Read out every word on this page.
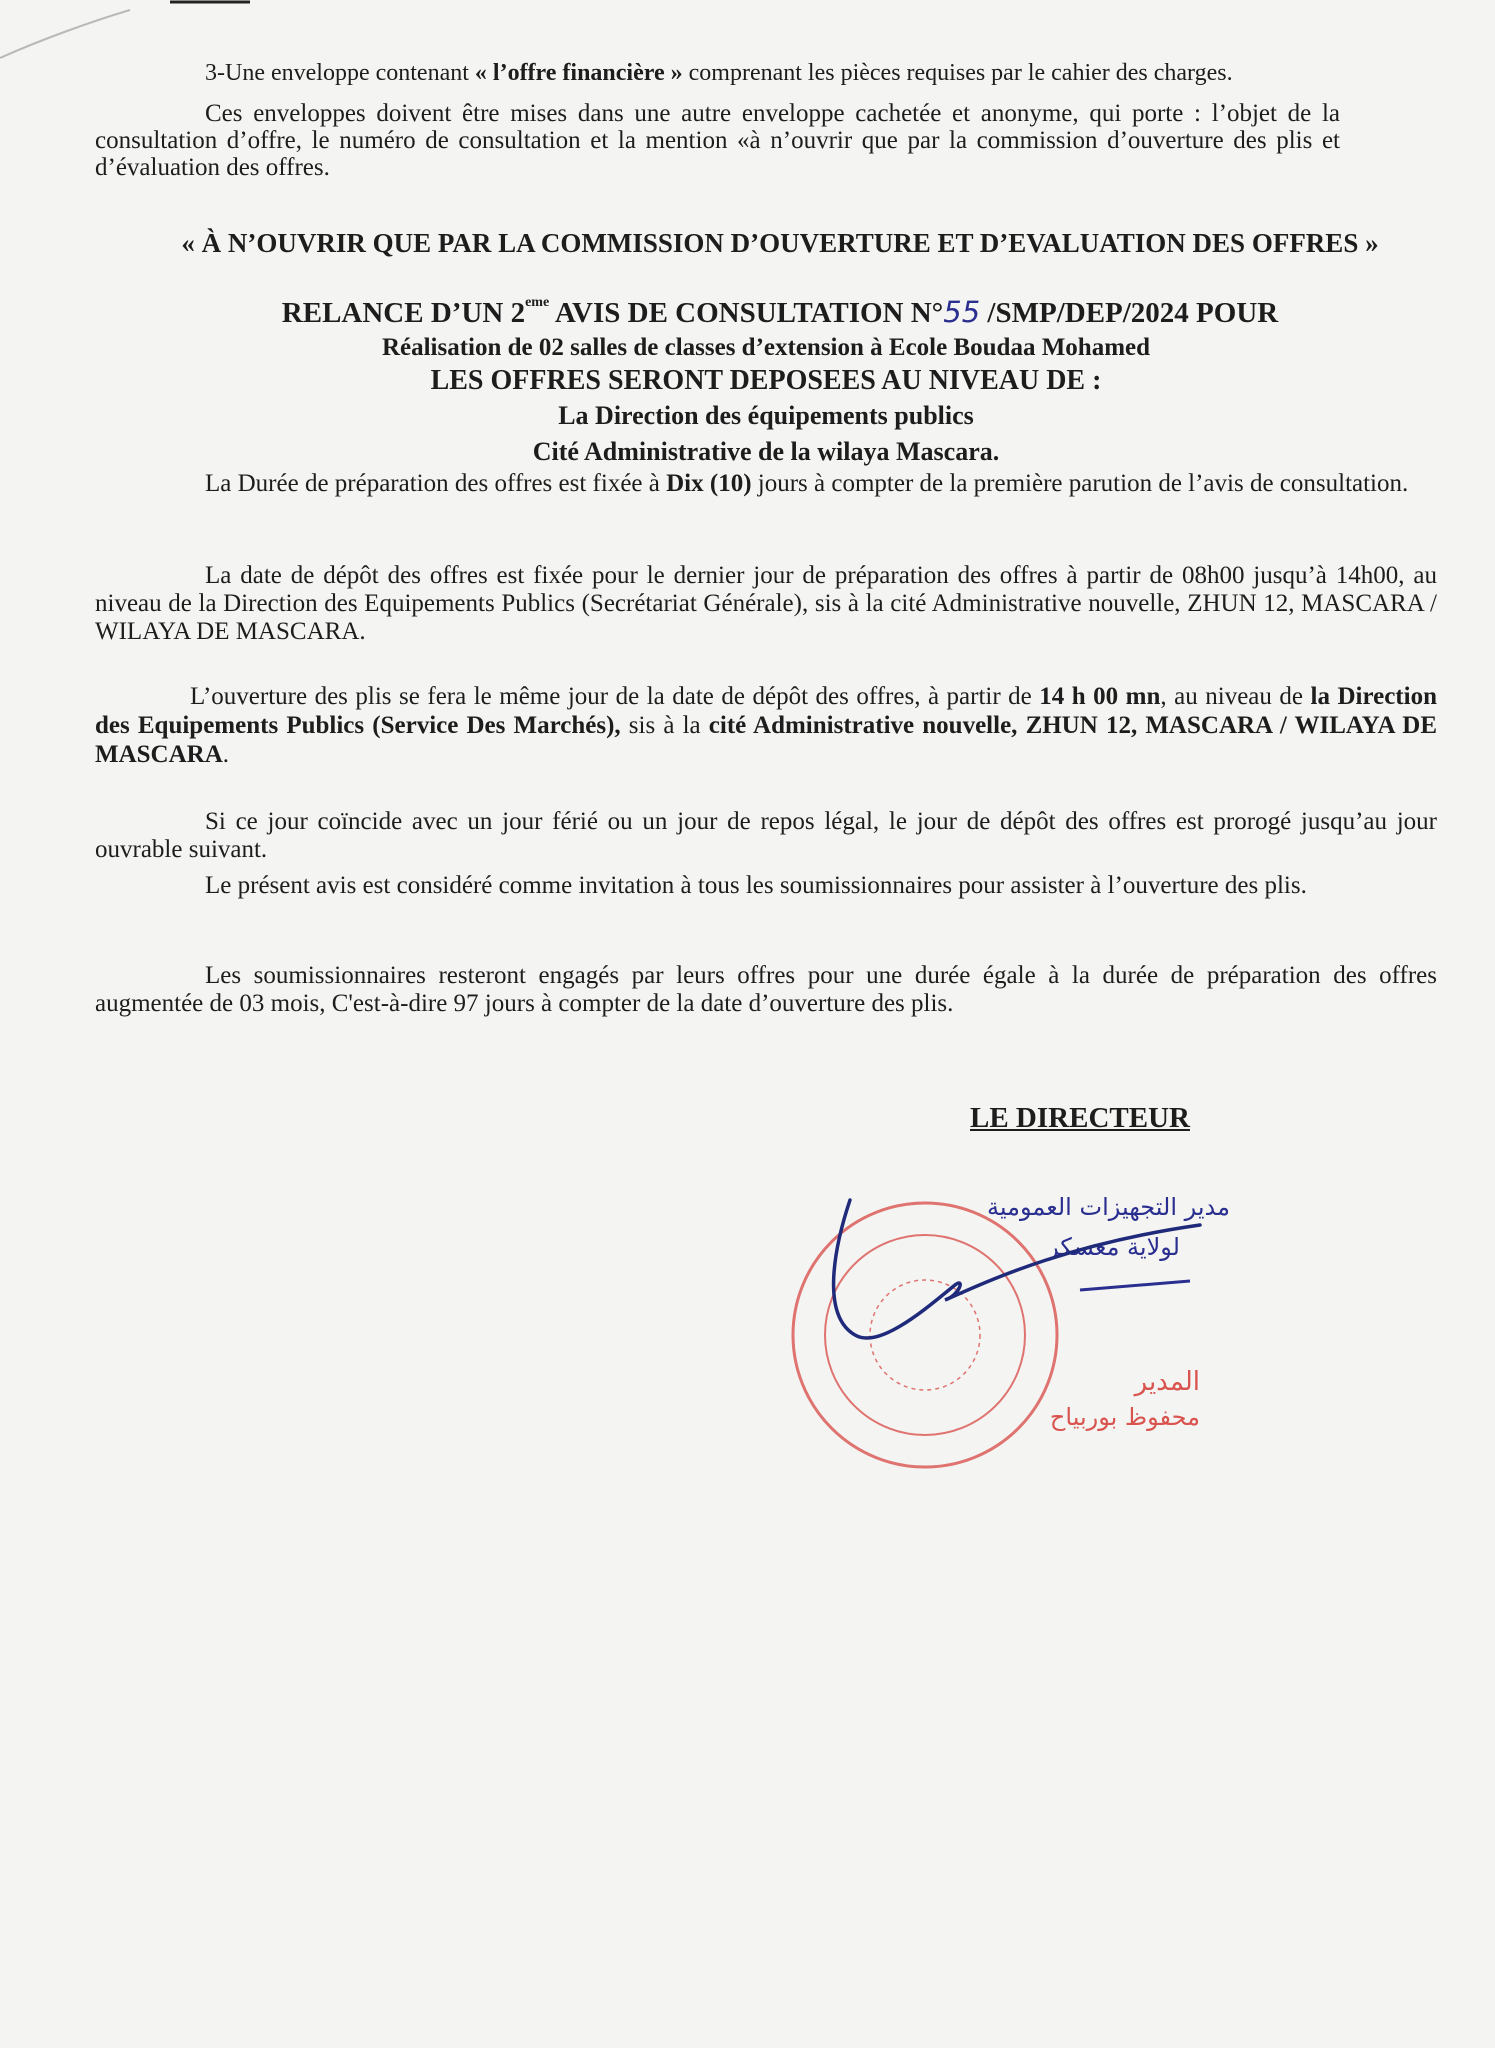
3-Une enveloppe contenant « l’offre financière » comprenant les pièces requises par le cahier des charges.

Ces enveloppes doivent être mises dans une autre enveloppe cachetée et anonyme, qui porte : l’objet de la consultation d’offre, le numéro de consultation et la mention «à n’ouvrir que par la commission d’ouverture des plis et d’évaluation des offres.

« À N’OUVRIR QUE PAR LA COMMISSION D’OUVERTURE ET D’EVALUATION DES OFFRES »

RELANCE D’UN 2eme AVIS DE CONSULTATION N°55 /SMP/DEP/2024 POUR

Réalisation de 02 salles de classes d’extension à Ecole Boudaa Mohamed

LES OFFRES SERONT DEPOSEES AU NIVEAU DE :

La Direction des équipements publics

Cité Administrative de la wilaya Mascara.

La Durée de préparation des offres est fixée à Dix (10) jours à compter de la première parution de l’avis de consultation.

La date de dépôt des offres est fixée pour le dernier jour de préparation des offres à partir de 08h00 jusqu’à 14h00, au niveau de la Direction des Equipements Publics (Secrétariat Générale), sis à la cité Administrative nouvelle, ZHUN 12, MASCARA / WILAYA DE MASCARA.

L’ouverture des plis se fera le même jour de la date de dépôt des offres, à partir de 14 h 00 mn, au niveau de la Direction des Equipements Publics (Service Des Marchés), sis à la cité Administrative nouvelle, ZHUN 12, MASCARA / WILAYA DE MASCARA.

Si ce jour coïncide avec un jour férié ou un jour de repos légal, le jour de dépôt des offres est prorogé jusqu’au jour ouvrable suivant.

Le présent avis est considéré comme invitation à tous les soumissionnaires pour assister à l’ouverture des plis.

Les soumissionnaires resteront engagés par leurs offres pour une durée égale à la durée de préparation des offres augmentée de 03 mois, C'est-à-dire 97 jours à compter de la date d’ouverture des plis.

LE DIRECTEUR

مدير التجهيزات العمومية
لولاية معسكر
المدير
محفوظ بوربياح
